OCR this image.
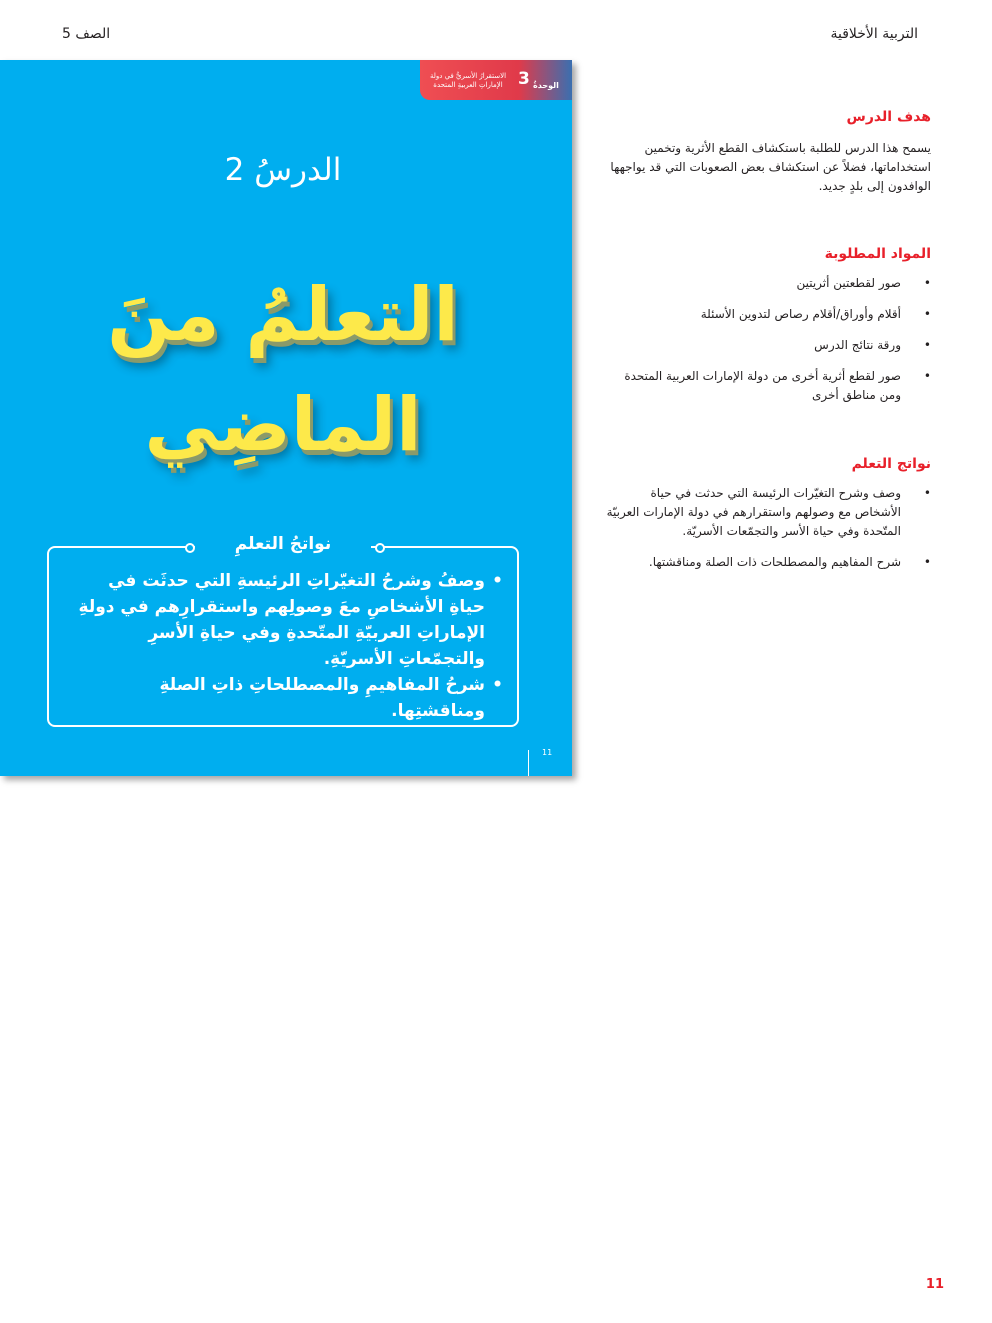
الصف 5	التربية الأخلاقية
الاستقرارُ الأسريُّ في دولة الإماراتِ العربيةِ المتحدة 3 الوحدةُ
الدرسُ 2
التعلمُ منَ
الماضِي
نواتجُ التعلمِ
• وصفُ وشرحُ التغيّراتِ الرئيسةِ التي حدثَت في حياةِ الأشخاصِ معَ وصولِهم واستقرارِهم في دولةِ الإماراتِ العربيّةِ المتّحدةِ وفي حياةِ الأسرِ والتجمّعاتِ الأسريّةِ.
• شرحُ المفاهيمِ والمصطلحاتِ ذاتِ الصلةِ ومناقشتِها.
11
هدف الدرس
يسمح هذا الدرس للطلبة باستكشاف القطع الأثرية وتخمين استخداماتها، فضلاً عن استكشاف بعض الصعوبات التي قد يواجهها الوافدون إلى بلدٍ جديد.
المواد المطلوبة
• صور لقطعتين أثريتين
• أقلام وأوراق/أقلام رصاص لتدوين الأسئلة
• ورقة نتائج الدرس
• صور لقطع أثرية أخرى من دولة الإمارات العربية المتحدة ومن مناطق أخرى
نواتج التعلم
• وصف وشرح التغيّرات الرئيسة التي حدثت في حياة الأشخاص مع وصولهم واستقرارهم في دولة الإمارات العربيّة المتّحدة وفي حياة الأسر والتجمّعات الأسريّة.
• شرح المفاهيم والمصطلحات ذات الصلة ومناقشتها.
11
